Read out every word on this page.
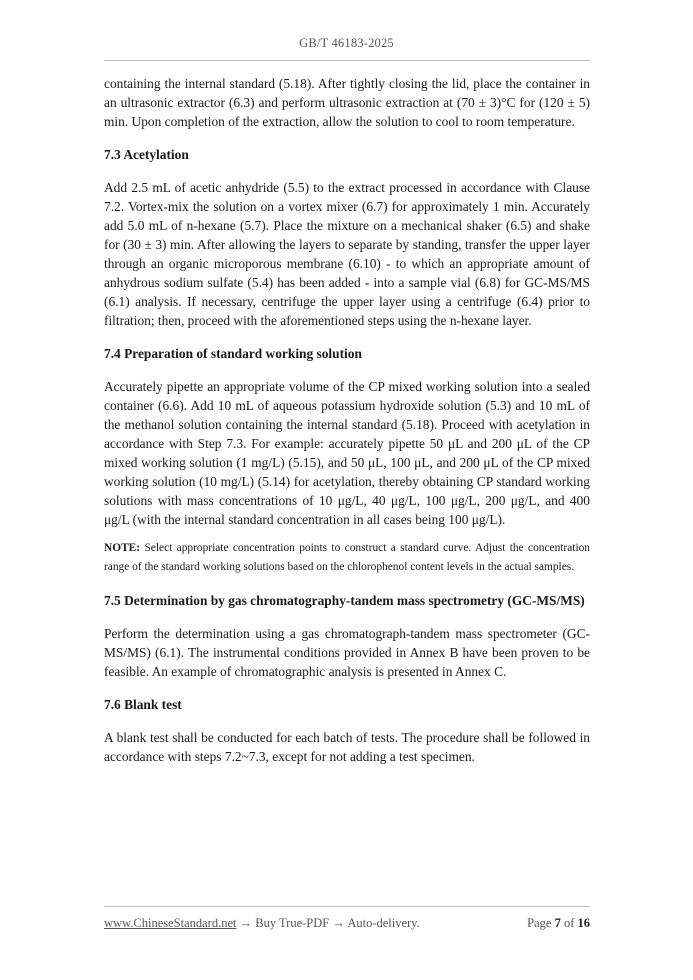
GB/T 46183-2025

containing the internal standard (5.18). After tightly closing the lid, place the container in an ultrasonic extractor (6.3) and perform ultrasonic extraction at (70 ± 3)°C for (120 ± 5) min. Upon completion of the extraction, allow the solution to cool to room temperature.

7.3 Acetylation

Add 2.5 mL of acetic anhydride (5.5) to the extract processed in accordance with Clause 7.2. Vortex-mix the solution on a vortex mixer (6.7) for approximately 1 min. Accurately add 5.0 mL of n-hexane (5.7). Place the mixture on a mechanical shaker (6.5) and shake for (30 ± 3) min. After allowing the layers to separate by standing, transfer the upper layer through an organic microporous membrane (6.10) - to which an appropriate amount of anhydrous sodium sulfate (5.4) has been added - into a sample vial (6.8) for GC-MS/MS (6.1) analysis. If necessary, centrifuge the upper layer using a centrifuge (6.4) prior to filtration; then, proceed with the aforementioned steps using the n-hexane layer.

7.4 Preparation of standard working solution

Accurately pipette an appropriate volume of the CP mixed working solution into a sealed container (6.6). Add 10 mL of aqueous potassium hydroxide solution (5.3) and 10 mL of the methanol solution containing the internal standard (5.18). Proceed with acetylation in accordance with Step 7.3. For example: accurately pipette 50 μL and 200 μL of the CP mixed working solution (1 mg/L) (5.15), and 50 μL, 100 μL, and 200 μL of the CP mixed working solution (10 mg/L) (5.14) for acetylation, thereby obtaining CP standard working solutions with mass concentrations of 10 μg/L, 40 μg/L, 100 μg/L, 200 μg/L, and 400 μg/L (with the internal standard concentration in all cases being 100 μg/L).

NOTE: Select appropriate concentration points to construct a standard curve. Adjust the concentration range of the standard working solutions based on the chlorophenol content levels in the actual samples.

7.5 Determination by gas chromatography-tandem mass spectrometry (GC-MS/MS)

Perform the determination using a gas chromatograph-tandem mass spectrometer (GC-MS/MS) (6.1). The instrumental conditions provided in Annex B have been proven to be feasible. An example of chromatographic analysis is presented in Annex C.

7.6 Blank test

A blank test shall be conducted for each batch of tests. The procedure shall be followed in accordance with steps 7.2~7.3, except for not adding a test specimen.

www.ChineseStandard.net → Buy True-PDF → Auto-delivery.	Page 7 of 16
